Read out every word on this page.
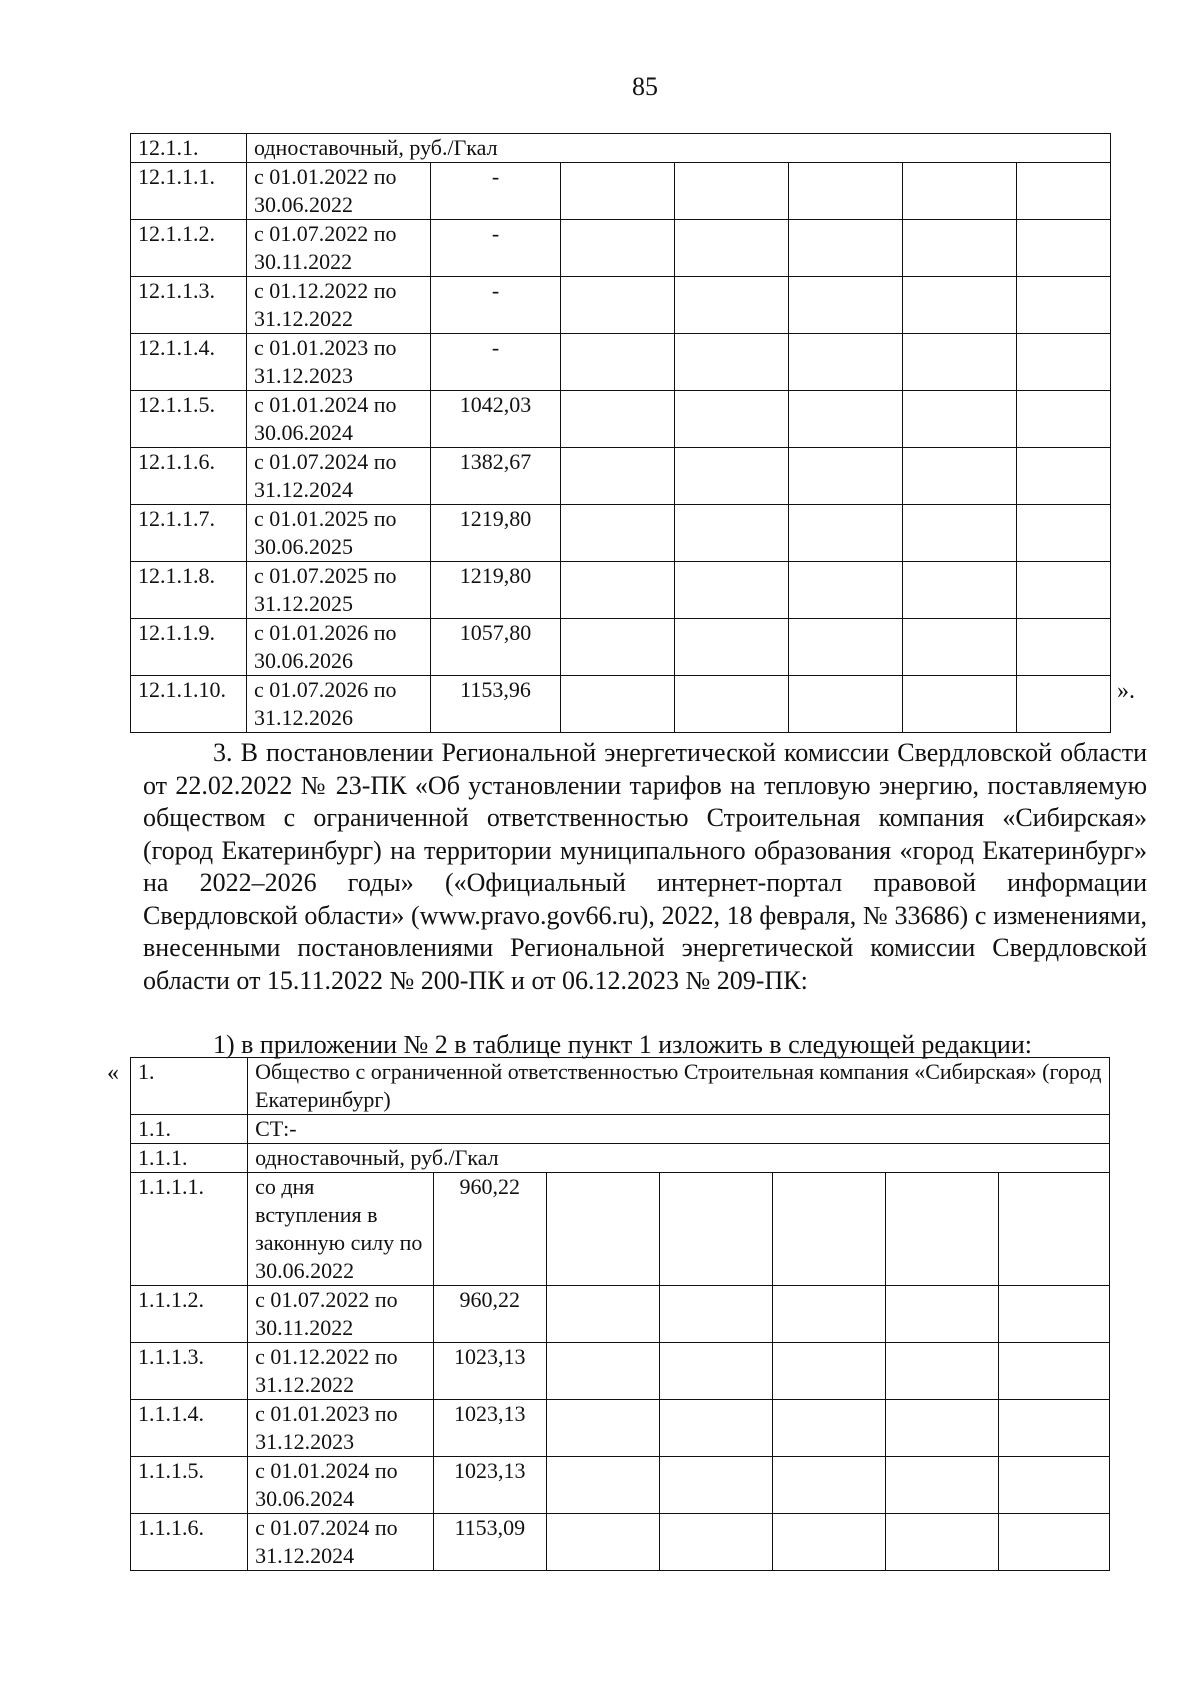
85
12.1.1.	одноставочный, руб./Гкал						
12.1.1.1.	с 01.01.2022 по 30.06.2022	-					
12.1.1.2.	с 01.07.2022 по 30.11.2022	-					
12.1.1.3.	с 01.12.2022 по 31.12.2022	-					
12.1.1.4.	с 01.01.2023 по 31.12.2023	-					
12.1.1.5.	с 01.01.2024 по 30.06.2024	1042,03					
12.1.1.6.	с 01.07.2024 по 31.12.2024	1382,67					
12.1.1.7.	с 01.01.2025 по 30.06.2025	1219,80					
12.1.1.8.	с 01.07.2025 по 31.12.2025	1219,80					
12.1.1.9.	с 01.01.2026 по 30.06.2026	1057,80					
12.1.1.10.	с 01.07.2026 по 31.12.2026	1153,96						».

3. В постановлении Региональной энергетической комиссии Свердловской области от 22.02.2022 № 23-ПК «Об установлении тарифов на тепловую энергию, поставляемую обществом с ограниченной ответственностью Строительная компания «Сибирская» (город Екатеринбург) на территории муниципального образования «город Екатеринбург» на 2022–2026 годы» («Официальный интернет-портал правовой информации Свердловской области» (www.pravo.gov66.ru), 2022, 18 февраля, № 33686) с изменениями, внесенными постановлениями Региональной энергетической комиссии Свердловской области от 15.11.2022 № 200-ПК и от 06.12.2023 № 209-ПК:

1) в приложении № 2 в таблице пункт 1 изложить в следующей редакции:

« 1.	Общество с ограниченной ответственностью Строительная компания «Сибирская» (город Екатеринбург)						
1.1.	СТ:-						
1.1.1.	одноставочный, руб./Гкал						
1.1.1.1.	со дня вступления в законную силу по 30.06.2022	960,22					
1.1.1.2.	с 01.07.2022 по 30.11.2022	960,22					
1.1.1.3.	с 01.12.2022 по 31.12.2022	1023,13					
1.1.1.4.	с 01.01.2023 по 31.12.2023	1023,13					
1.1.1.5.	с 01.01.2024 по 30.06.2024	1023,13					
1.1.1.6.	с 01.07.2024 по 31.12.2024	1153,09					
